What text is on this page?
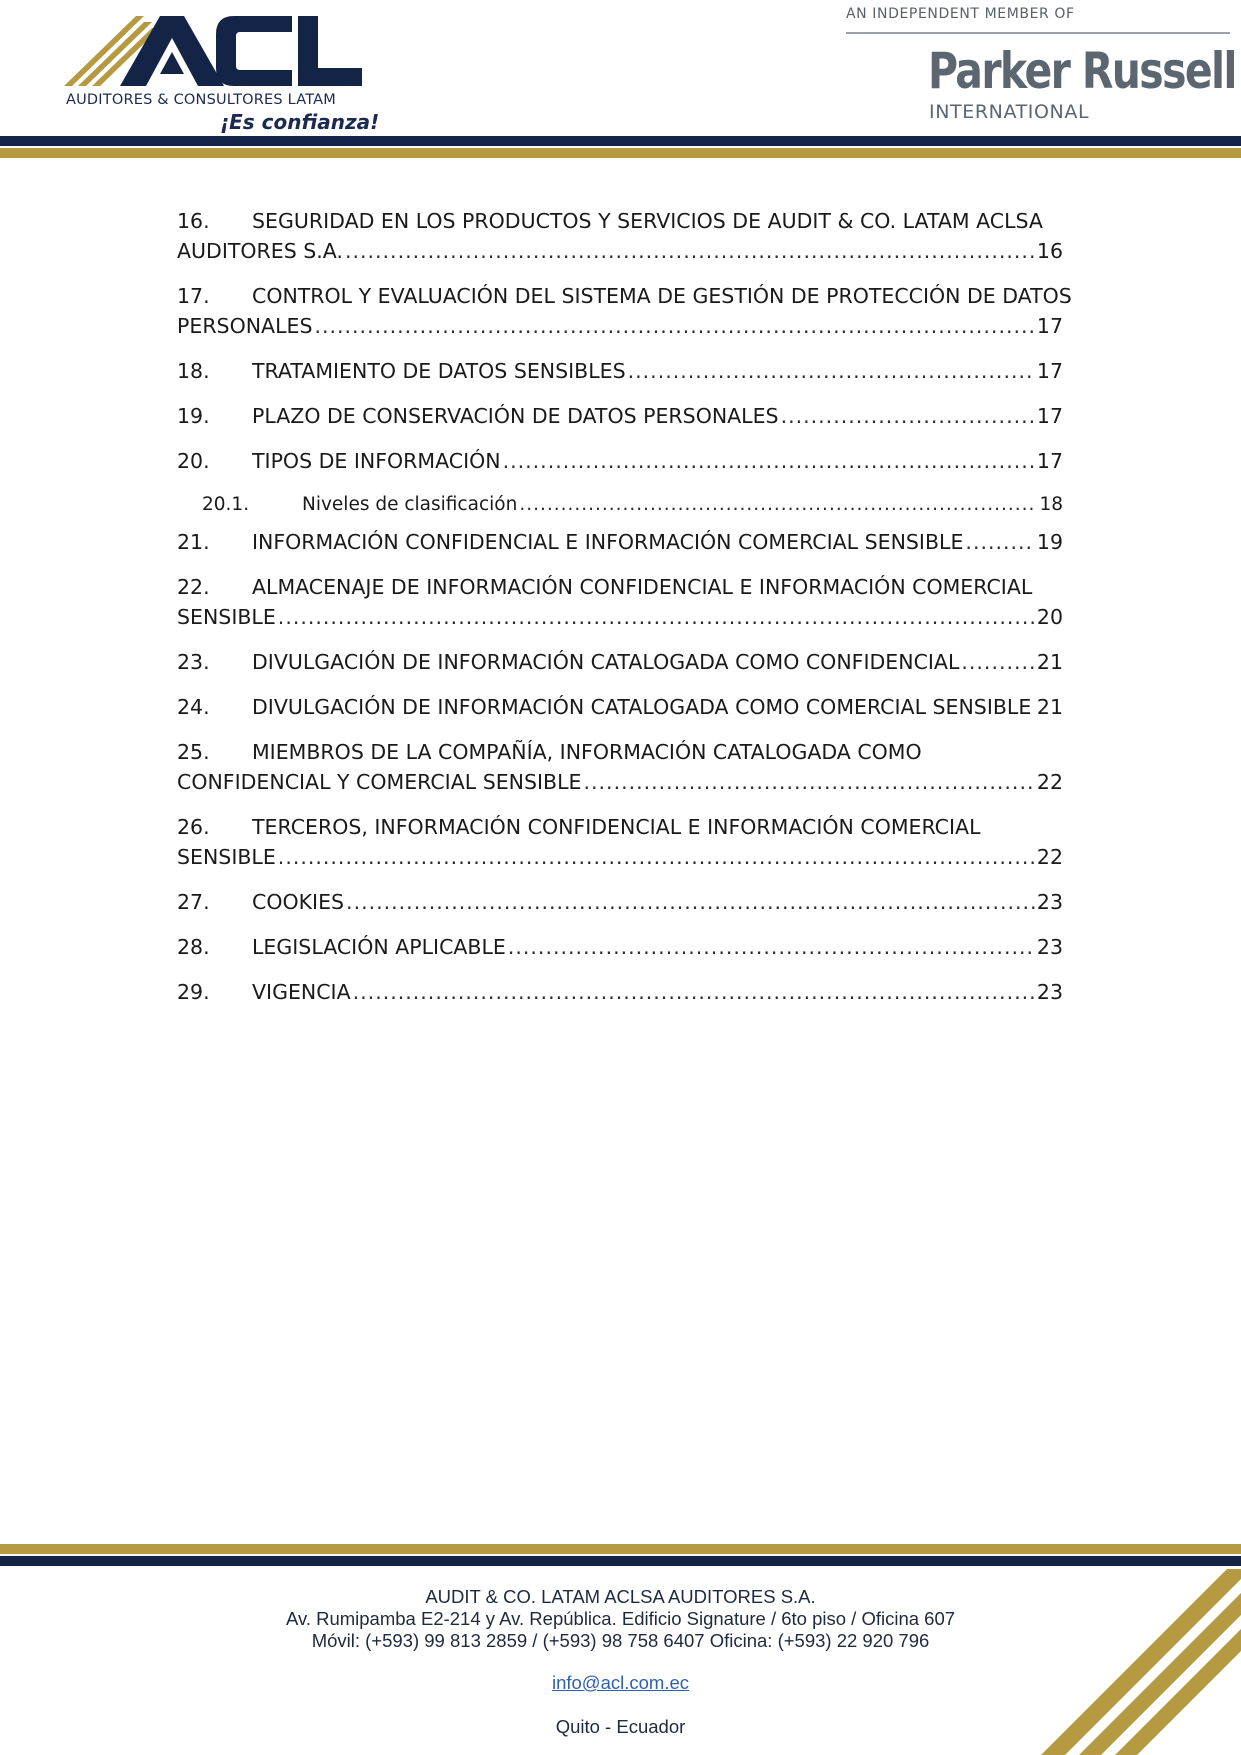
AUDITORES & CONSULTORES LATAM
¡Es confianza!
AN INDEPENDENT MEMBER OF
Parker Russell
INTERNATIONAL
16.	SEGURIDAD EN LOS PRODUCTOS Y SERVICIOS DE AUDIT & CO. LATAM ACLSA
AUDITORES S.A. .....	16
17.	CONTROL Y EVALUACIÓN DEL SISTEMA DE GESTIÓN DE PROTECCIÓN DE DATOS
PERSONALES .....	17
18.	TRATAMIENTO DE DATOS SENSIBLES .....	17
19.	PLAZO DE CONSERVACIÓN DE DATOS PERSONALES .....	17
20.	TIPOS DE INFORMACIÓN .....	17
20.1.	Niveles de clasificación .....	18
21.	INFORMACIÓN CONFIDENCIAL E INFORMACIÓN COMERCIAL SENSIBLE .....	19
22.	ALMACENAJE DE INFORMACIÓN CONFIDENCIAL E INFORMACIÓN COMERCIAL
SENSIBLE .....	20
23.	DIVULGACIÓN DE INFORMACIÓN CATALOGADA COMO CONFIDENCIAL .....	21
24.	DIVULGACIÓN DE INFORMACIÓN CATALOGADA COMO COMERCIAL SENSIBLE ..... 21
25.	MIEMBROS DE LA COMPAÑÍA, INFORMACIÓN CATALOGADA COMO
CONFIDENCIAL Y COMERCIAL SENSIBLE .....	22
26.	TERCEROS, INFORMACIÓN CONFIDENCIAL E INFORMACIÓN COMERCIAL
SENSIBLE .....	22
27.	COOKIES .....	23
28.	LEGISLACIÓN APLICABLE .....	23
29.	VIGENCIA .....	23
AUDIT & CO. LATAM ACLSA AUDITORES S.A.
Av. Rumipamba E2-214 y Av. República. Edificio Signature / 6to piso / Oficina 607
Móvil: (+593) 99 813 2859 / (+593) 98 758 6407 Oficina: (+593) 22 920 796
info@acl.com.ec
Quito - Ecuador
